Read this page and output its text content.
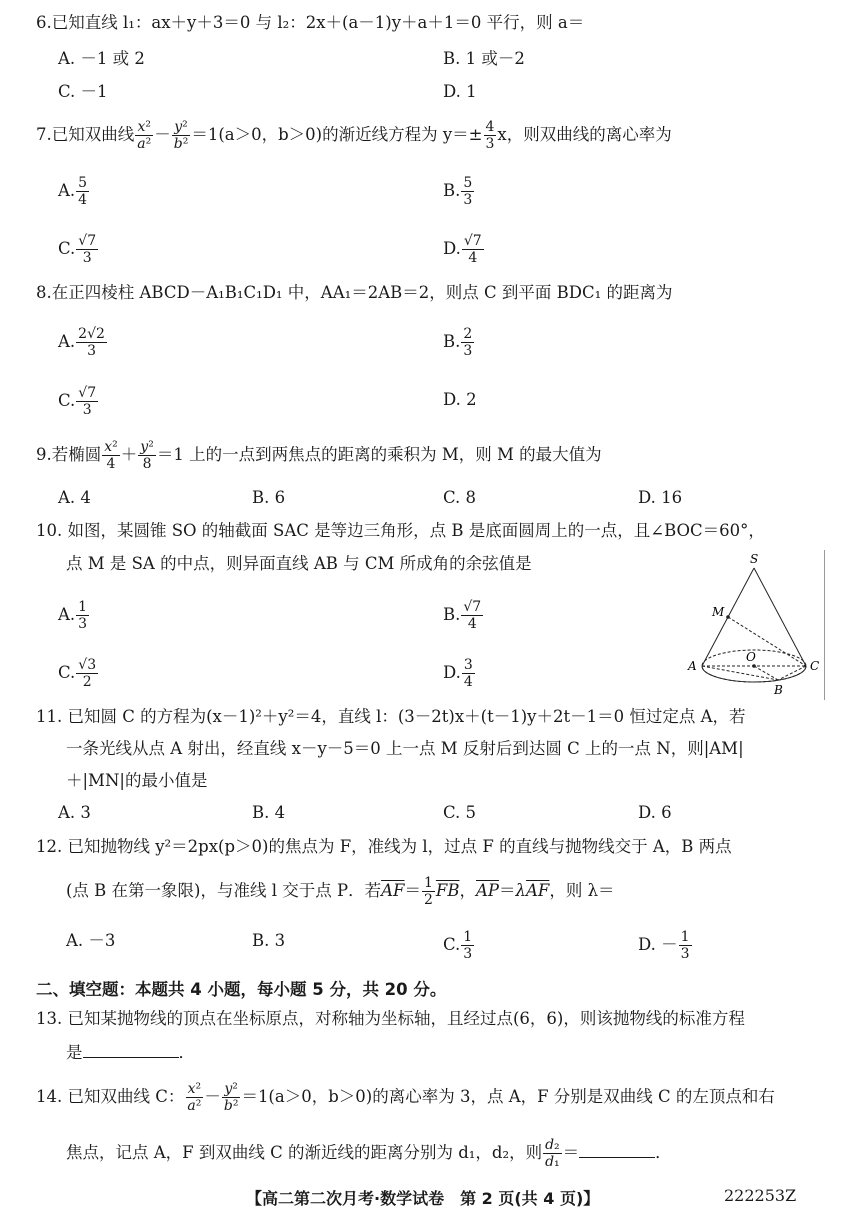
6.已知直线 l₁：ax＋y＋3＝0 与 l₂：2x＋(a－1)y＋a＋1＝0 平行，则 a＝
A. －1 或 2	B. 1 或－2
C. －1	D. 1
7.已知双曲线 $\frac{\text{x²}}{\text{a²}} - \frac{\text{y²}}{\text{b²}} =1(a>0$，b＞0)的渐近线方程为 $y=\pm \frac{4}{3}$ x，则双曲线的离心率为
A. $\frac{5}{4}$	B. $\frac{5}{3}$
C. $\frac{√7}{3}$	D. $\frac{√7}{4}$
8.在正四棱柱 ABCD－A₁B₁C₁D₁ 中，AA₁＝2AB＝2，则点 C 到平面 BDC₁ 的距离为
A. $\frac{2√2}{3}$	B. $\frac{2}{3}$
C. $\frac{√7}{3}$	D. 2
9.若椭圆 $\frac{\text{x²}}{4} + \frac{\text{y²}}{8} =1$ 上的一点到两焦点的距离的乘积为 M，则 M 的最大值为
A. 4	B. 6	C. 8	D. 16
10. 如图，某圆锥 SO 的轴截面 SAC 是等边三角形，点 B 是底面圆周上的一点，且∠BOC＝60°，
点 M 是 SA 的中点，则异面直线 AB 与 CM 所成角的余弦值是
A. $\frac{1}{3}$	B. $\frac{√7}{4}$
C. $\frac{√3}{2}$	D. $\frac{3}{4}$
S
M
O
A	C
B
11. 已知圆 C 的方程为(x－1)²＋y²＝4，直线 l：(3－2t)x＋(t－1)y＋2t－1＝0 恒过定点 A，若
一条光线从点 A 射出，经直线 x－y－5＝0 上一点 M 反射后到达圆 C 上的一点 N，则|AM|
＋|MN|的最小值是
A. 3	B. 4	C. 5	D. 6
12. 已知抛物线 y²＝2px(p＞0)的焦点为 F，准线为 l，过点 F 的直线与抛物线交于 A，B 两点
(点 B 在第一象限)，与准线 l 交于点 P．若$\overline{AF}= \frac{1}{2} \overline{FB}$，$\overline{AP}=\lambda\overline{AF}$，则 λ＝
A. －3	B. 3	C. $\frac{1}{3}$	D. － $\frac{1}{3}$
二、填空题：本题共 4 小题，每小题 5 分，共 20 分。
13. 已知某抛物线的顶点在坐标原点，对称轴为坐标轴，且经过点(6，6)，则该抛物线的标准方程
是	．
14. 已知双曲线 C： $\frac{\text{x²}}{\text{a²}} - \frac{\text{y²}}{\text{b²}} =1(a>0$，b＞0)的离心率为 3，点 A，F 分别是双曲线 C 的左顶点和右
焦点，记点 A，F 到双曲线 C 的渐近线的距离分别为 d₁，d₂，则 $\frac{\text{d₂}}{\text{d₁}}$ ＝	．
【高二第二次月考·数学试卷　第 2 页(共 4 页)】	222253Z
